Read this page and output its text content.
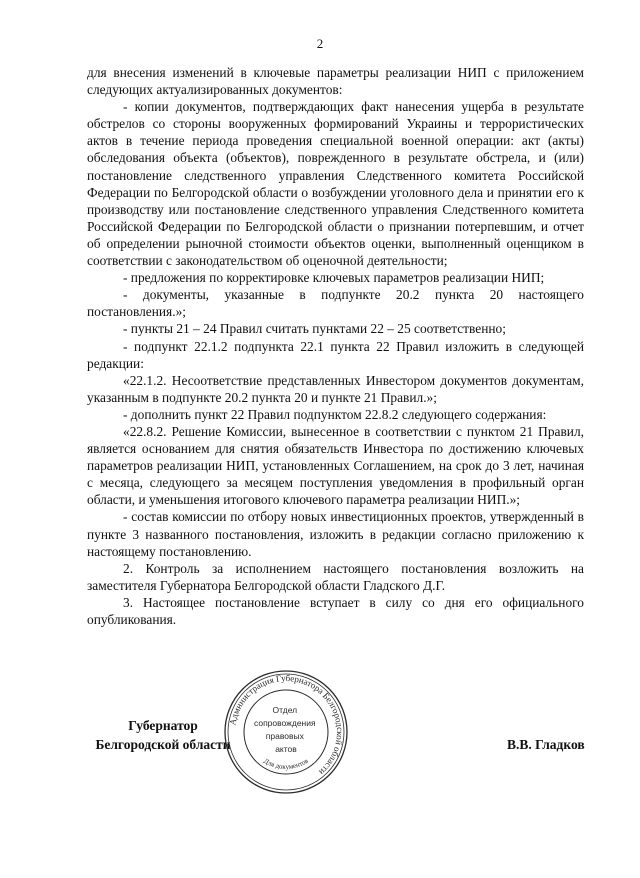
2

для внесения изменений в ключевые параметры реализации НИП с приложением следующих актуализированных документов:

- копии документов, подтверждающих факт нанесения ущерба в результате обстрелов со стороны вооруженных формирований Украины и террористических актов в течение периода проведения специальной военной операции: акт (акты) обследования объекта (объектов), поврежденного в результате обстрела, и (или) постановление следственного управления Следственного комитета Российской Федерации по Белгородской области о возбуждении уголовного дела и принятии его к производству или постановление следственного управления Следственного комитета Российской Федерации по Белгородской области о признании потерпевшим, и отчет об определении рыночной стоимости объектов оценки, выполненный оценщиком в соответствии с законодательством об оценочной деятельности;

- предложения по корректировке ключевых параметров реализации НИП;

- документы, указанные в подпункте 20.2 пункта 20 настоящего постановления.»;

- пункты 21 – 24 Правил считать пунктами 22 – 25 соответственно;

- подпункт 22.1.2 подпункта 22.1 пункта 22 Правил изложить в следующей редакции:

«22.1.2. Несоответствие представленных Инвестором документов документам, указанным в подпункте 20.2 пункта 20 и пункте 21 Правил.»;

- дополнить пункт 22 Правил подпунктом 22.8.2 следующего содержания:

«22.8.2. Решение Комиссии, вынесенное в соответствии с пунктом 21 Правил, является основанием для снятия обязательств Инвестора по достижению ключевых параметров реализации НИП, установленных Соглашением, на срок до 3 лет, начиная с месяца, следующего за месяцем поступления уведомления в профильный орган области, и уменьшения итогового ключевого параметра реализации НИП.»;

- состав комиссии по отбору новых инвестиционных проектов, утвержденный в пункте 3 названного постановления, изложить в редакции согласно приложению к настоящему постановлению.

2. Контроль за исполнением настоящего постановления возложить на заместителя Губернатора Белгородской области Гладского Д.Г.

3. Настоящее постановление вступает в силу со дня его официального опубликования.

Губернатор
Белгородской области
Администрация Губернатора Белгородской области
Отдел сопровождения правовых актов
Для документов
В.В. Гладков
